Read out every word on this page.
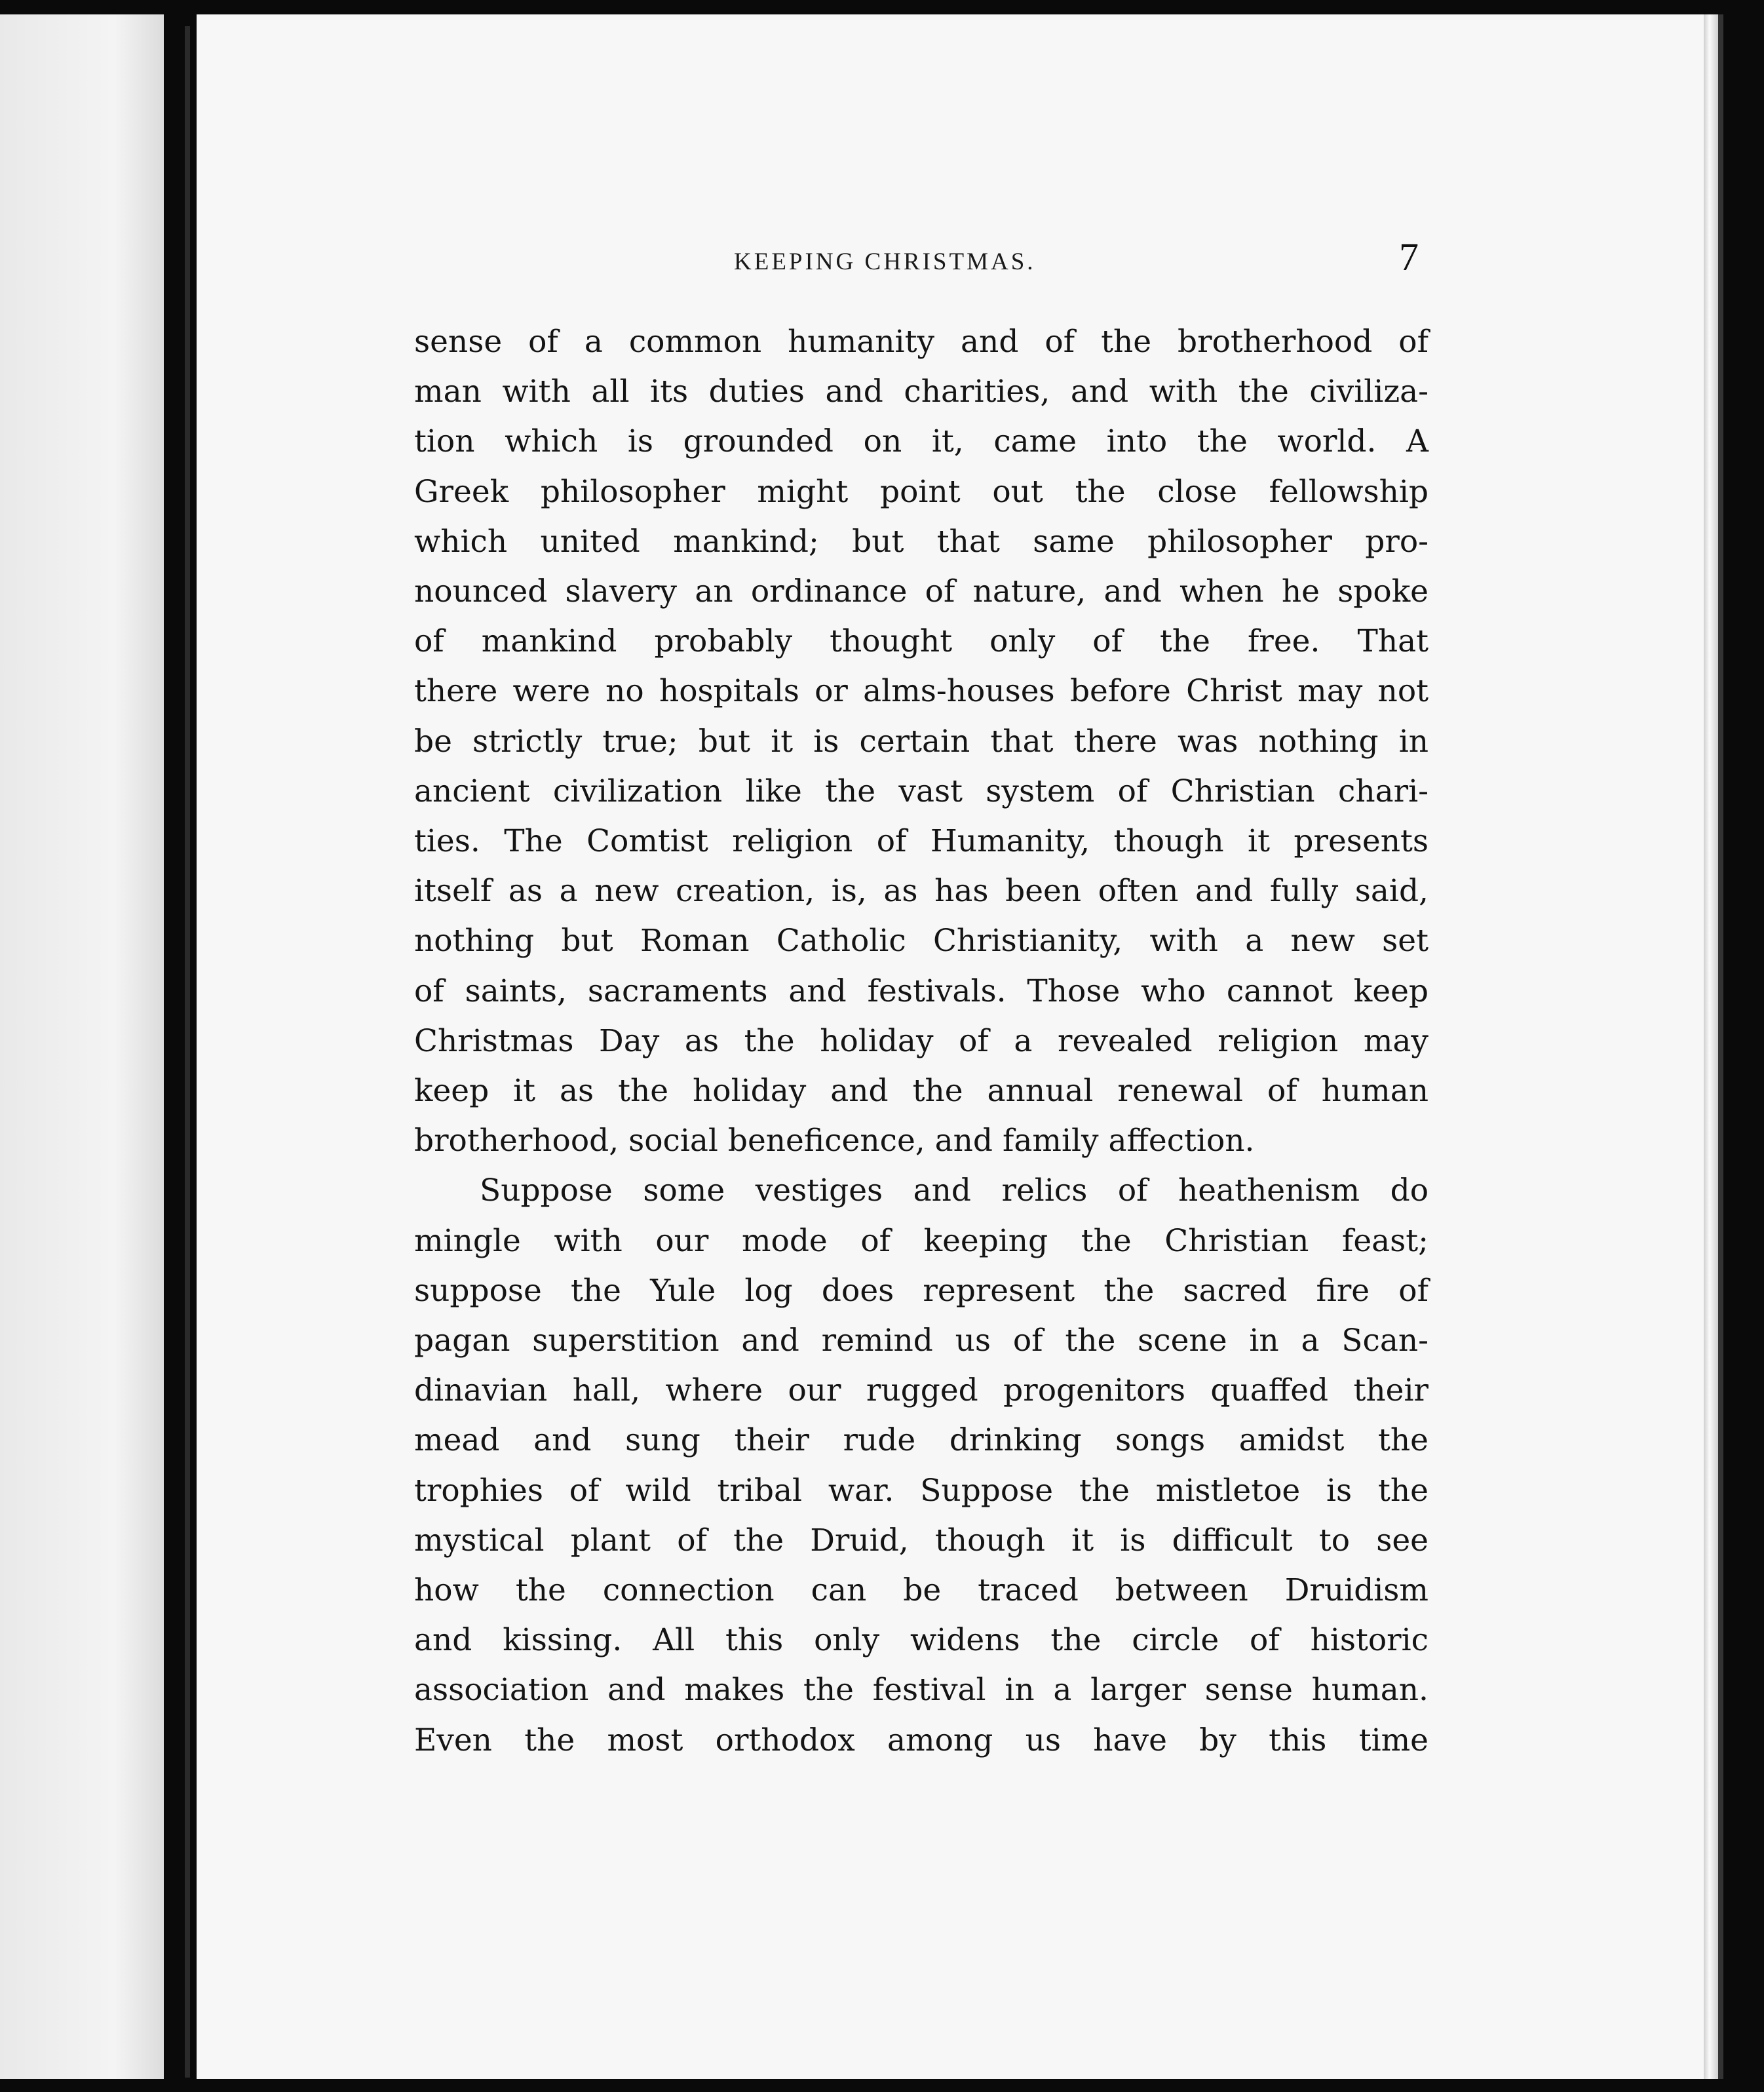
KEEPING CHRISTMAS.	7
sense of a common humanity and of the brotherhood of
man with all its duties and charities, and with the civiliza-
tion which is grounded on it, came into the world. A
Greek philosopher might point out the close fellowship
which united mankind; but that same philosopher pro-
nounced slavery an ordinance of nature, and when he spoke
of mankind probably thought only of the free. That
there were no hospitals or alms-houses before Christ may not
be strictly true; but it is certain that there was nothing in
ancient civilization like the vast system of Christian chari-
ties. The Comtist religion of Humanity, though it presents
itself as a new creation, is, as has been often and fully said,
nothing but Roman Catholic Christianity, with a new set
of saints, sacraments and festivals. Those who cannot keep
Christmas Day as the holiday of a revealed religion may
keep it as the holiday and the annual renewal of human
brotherhood, social beneficence, and family affection.
Suppose some vestiges and relics of heathenism do
mingle with our mode of keeping the Christian feast;
suppose the Yule log does represent the sacred fire of
pagan superstition and remind us of the scene in a Scan-
dinavian hall, where our rugged progenitors quaffed their
mead and sung their rude drinking songs amidst the
trophies of wild tribal war. Suppose the mistletoe is the
mystical plant of the Druid, though it is difficult to see
how the connection can be traced between Druidism
and kissing. All this only widens the circle of historic
association and makes the festival in a larger sense human.
Even the most orthodox among us have by this time
